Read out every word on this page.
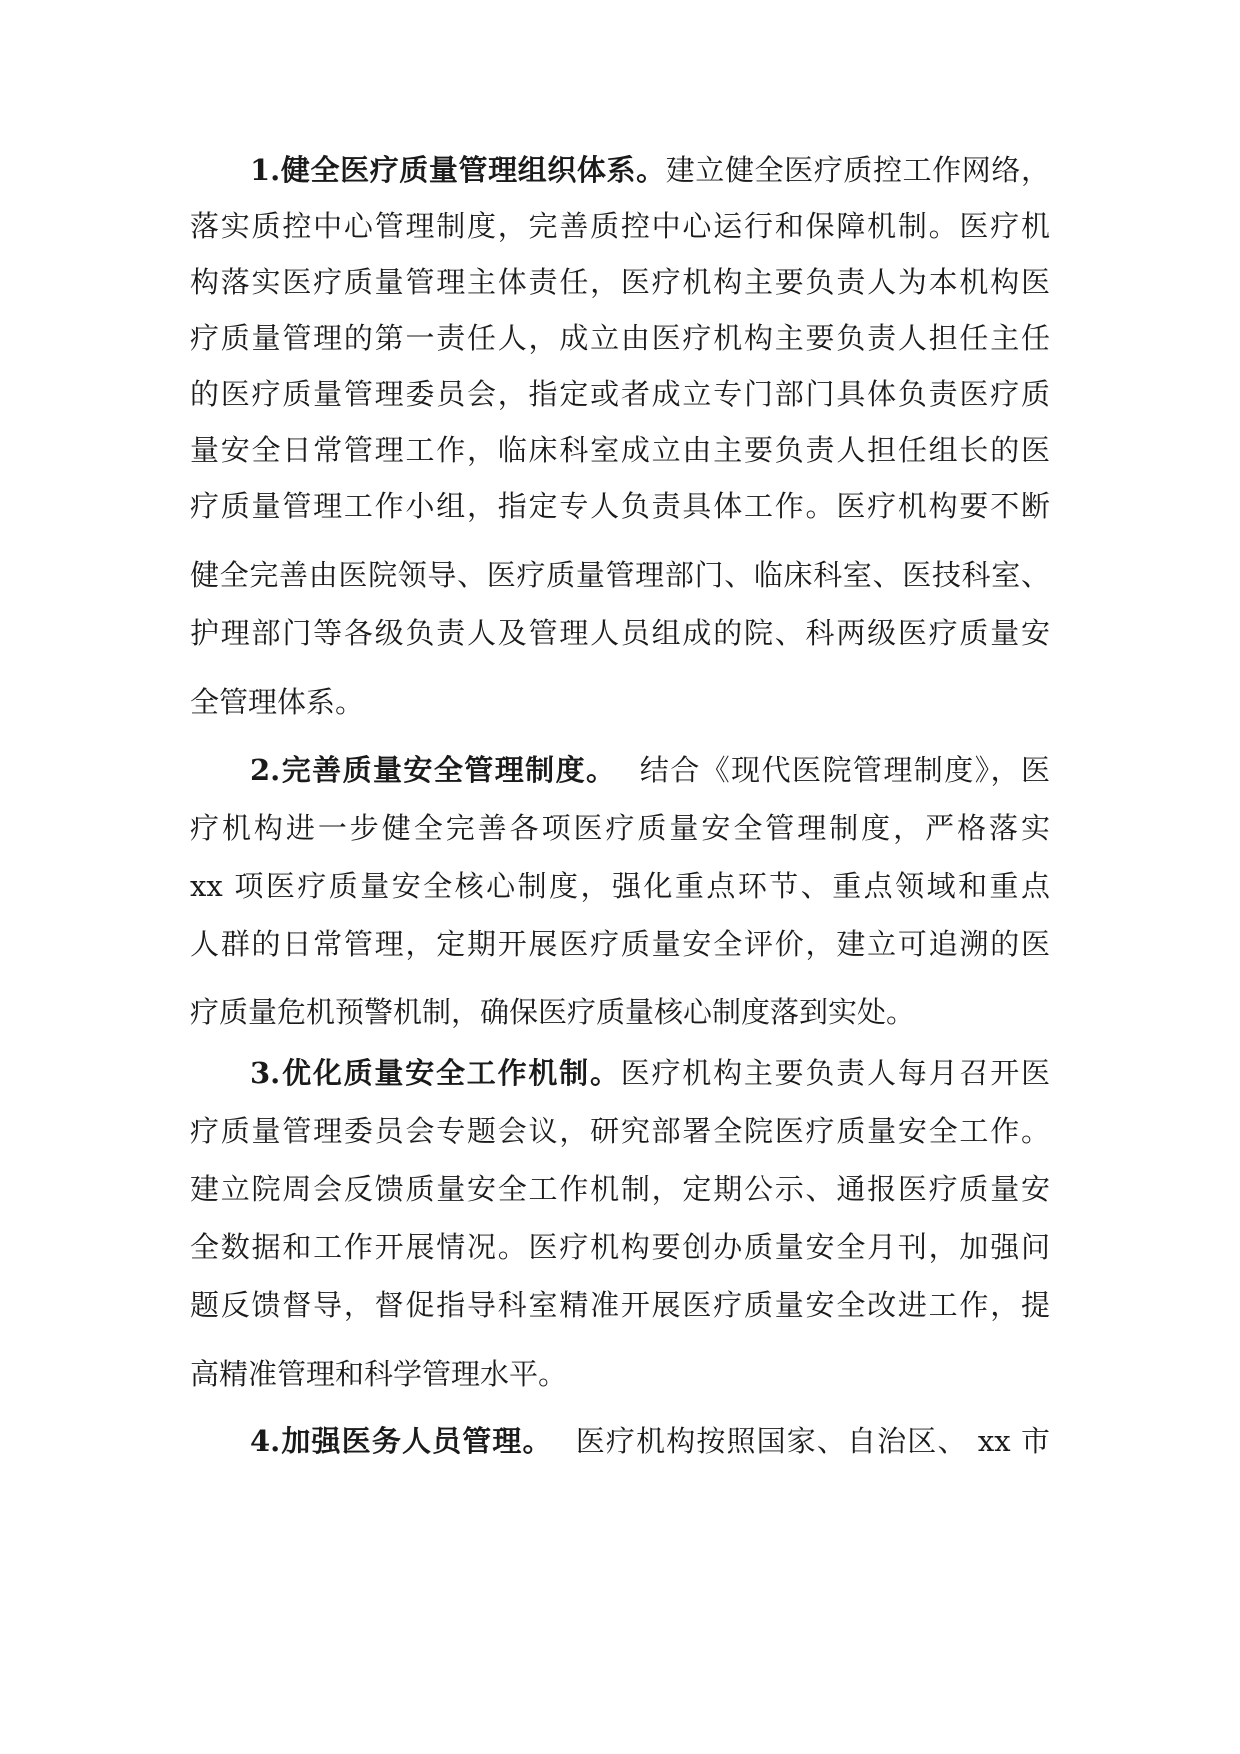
1.健全医疗质量管理组织体系。建立健全医疗质控工作网络，
落实质控中心管理制度，完善质控中心运行和保障机制。医疗机
构落实医疗质量管理主体责任，医疗机构主要负责人为本机构医
疗质量管理的第一责任人，成立由医疗机构主要负责人担任主任
的医疗质量管理委员会，指定或者成立专门部门具体负责医疗质
量安全日常管理工作，临床科室成立由主要负责人担任组长的医
疗质量管理工作小组，指定专人负责具体工作。医疗机构要不断
健全完善由医院领导、医疗质量管理部门、临床科室、医技科室、
护理部门等各级负责人及管理人员组成的院、科两级医疗质量安
全管理体系。
2.完善质量安全管理制度。 结合《现代医院管理制度》，医
疗机构进一步健全完善各项医疗质量安全管理制度，严格落实
xx 项医疗质量安全核心制度，强化重点环节、重点领域和重点
人群的日常管理，定期开展医疗质量安全评价，建立可追溯的医
疗质量危机预警机制，确保医疗质量核心制度落到实处。
3.优化质量安全工作机制。医疗机构主要负责人每月召开医
疗质量管理委员会专题会议，研究部署全院医疗质量安全工作。
建立院周会反馈质量安全工作机制，定期公示、通报医疗质量安
全数据和工作开展情况。医疗机构要创办质量安全月刊，加强问
题反馈督导，督促指导科室精准开展医疗质量安全改进工作，提
高精准管理和科学管理水平。
4.加强医务人员管理。 医疗机构按照国家、自治区、 xx 市
